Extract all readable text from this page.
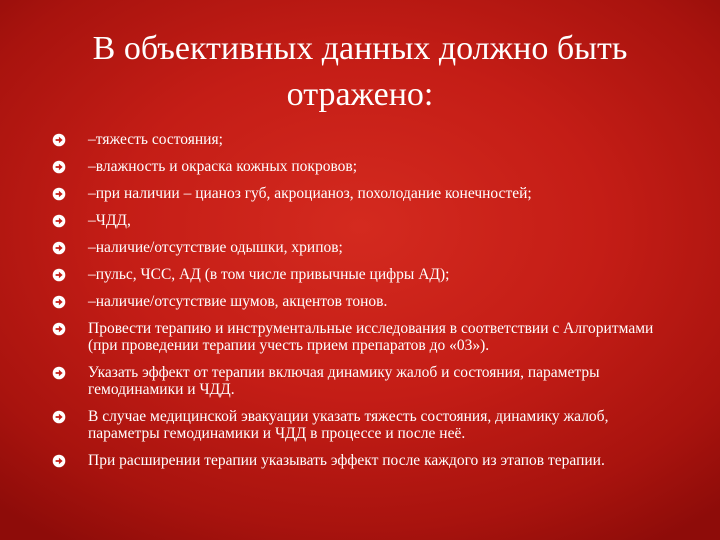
В объективных данных должно быть отражено:
–тяжесть состояния;
–влажность и окраска кожных покровов;
–при наличии – цианоз губ, акроцианоз, похолодание конечностей;
–ЧДД,
–наличие/отсутствие одышки, хрипов;
–пульс, ЧСС, АД (в том числе привычные цифры АД);
–наличие/отсутствие шумов, акцентов тонов.
Провести терапию и инструментальные исследования в соответствии с Алгоритмами (при проведении терапии учесть прием препаратов до «03»).
Указать эффект от терапии включая динамику жалоб и состояния, параметры гемодинамики и ЧДД.
В случае медицинской эвакуации указать тяжесть состояния, динамику жалоб, параметры гемодинамики и ЧДД в процессе и после неё.
При расширении терапии указывать эффект после каждого из этапов терапии.
